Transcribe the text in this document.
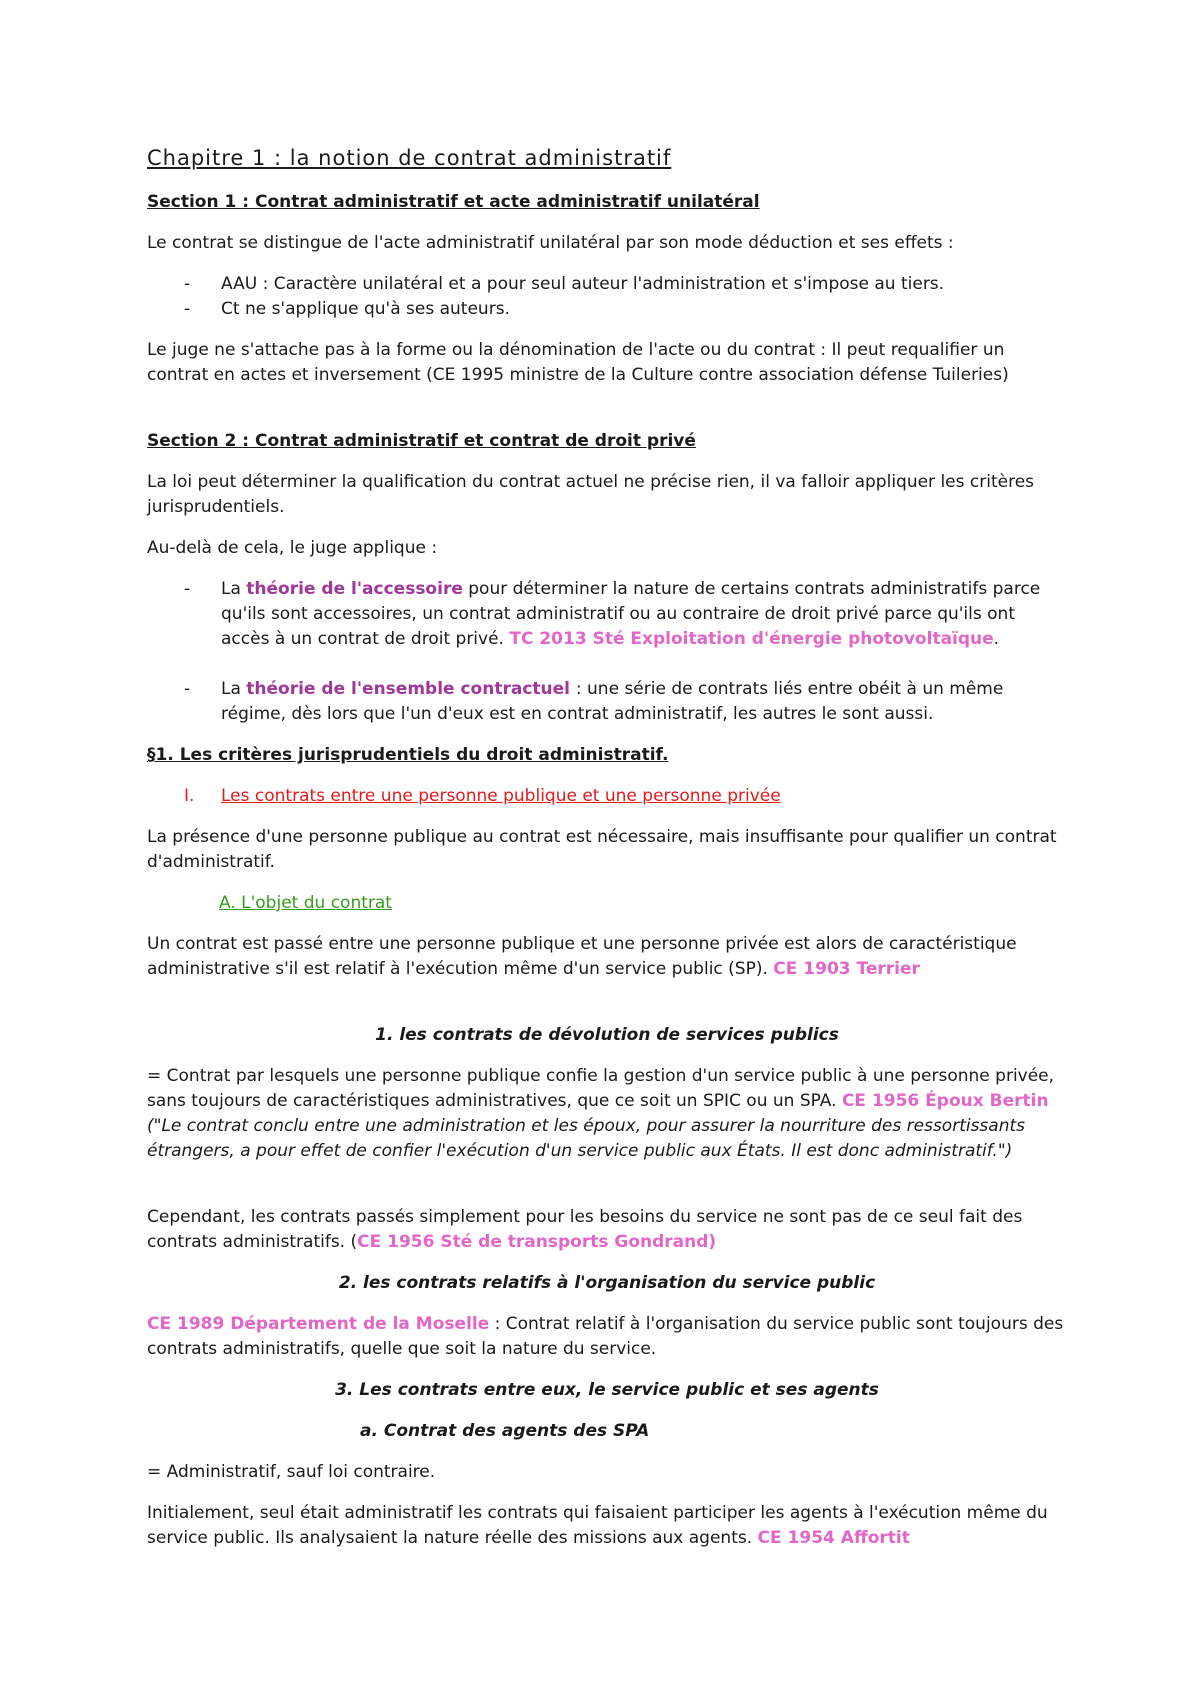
Chapitre 1 : la notion de contrat administratif

Section 1 : Contrat administratif et acte administratif unilatéral

Le contrat se distingue de l'acte administratif unilatéral par son mode déduction et ses effets :

- AAU : Caractère unilatéral et a pour seul auteur l'administration et s'impose au tiers.
- Ct ne s'applique qu'à ses auteurs.

Le juge ne s'attache pas à la forme ou la dénomination de l'acte ou du contrat : Il peut requalifier un contrat en actes et inversement (CE 1995 ministre de la Culture contre association défense Tuileries)

Section 2 : Contrat administratif et contrat de droit privé

La loi peut déterminer la qualification du contrat actuel ne précise rien, il va falloir appliquer les critères jurisprudentiels.

Au-delà de cela, le juge applique :

- La théorie de l'accessoire pour déterminer la nature de certains contrats administratifs parce qu'ils sont accessoires, un contrat administratif ou au contraire de droit privé parce qu'ils ont accès à un contrat de droit privé. TC 2013 Sté Exploitation d'énergie photovoltaïque.
- La théorie de l'ensemble contractuel : une série de contrats liés entre obéit à un même régime, dès lors que l'un d'eux est en contrat administratif, les autres le sont aussi.

§1. Les critères jurisprudentiels du droit administratif.

I. Les contrats entre une personne publique et une personne privée

La présence d'une personne publique au contrat est nécessaire, mais insuffisante pour qualifier un contrat d'administratif.

A. L'objet du contrat

Un contrat est passé entre une personne publique et une personne privée est alors de caractéristique administrative s'il est relatif à l'exécution même d'un service public (SP). CE 1903 Terrier

1. les contrats de dévolution de services publics

= Contrat par lesquels une personne publique confie la gestion d'un service public à une personne privée, sans toujours de caractéristiques administratives, que ce soit un SPIC ou un SPA. CE 1956 Époux Bertin ("Le contrat conclu entre une administration et les époux, pour assurer la nourriture des ressortissants étrangers, a pour effet de confier l'exécution d'un service public aux États. Il est donc administratif.")

Cependant, les contrats passés simplement pour les besoins du service ne sont pas de ce seul fait des contrats administratifs. (CE 1956 Sté de transports Gondrand)

2. les contrats relatifs à l'organisation du service public

CE 1989 Département de la Moselle : Contrat relatif à l'organisation du service public sont toujours des contrats administratifs, quelle que soit la nature du service.

3. Les contrats entre eux, le service public et ses agents

a. Contrat des agents des SPA

= Administratif, sauf loi contraire.

Initialement, seul était administratif les contrats qui faisaient participer les agents à l'exécution même du service public. Ils analysaient la nature réelle des missions aux agents. CE 1954 Affortit
